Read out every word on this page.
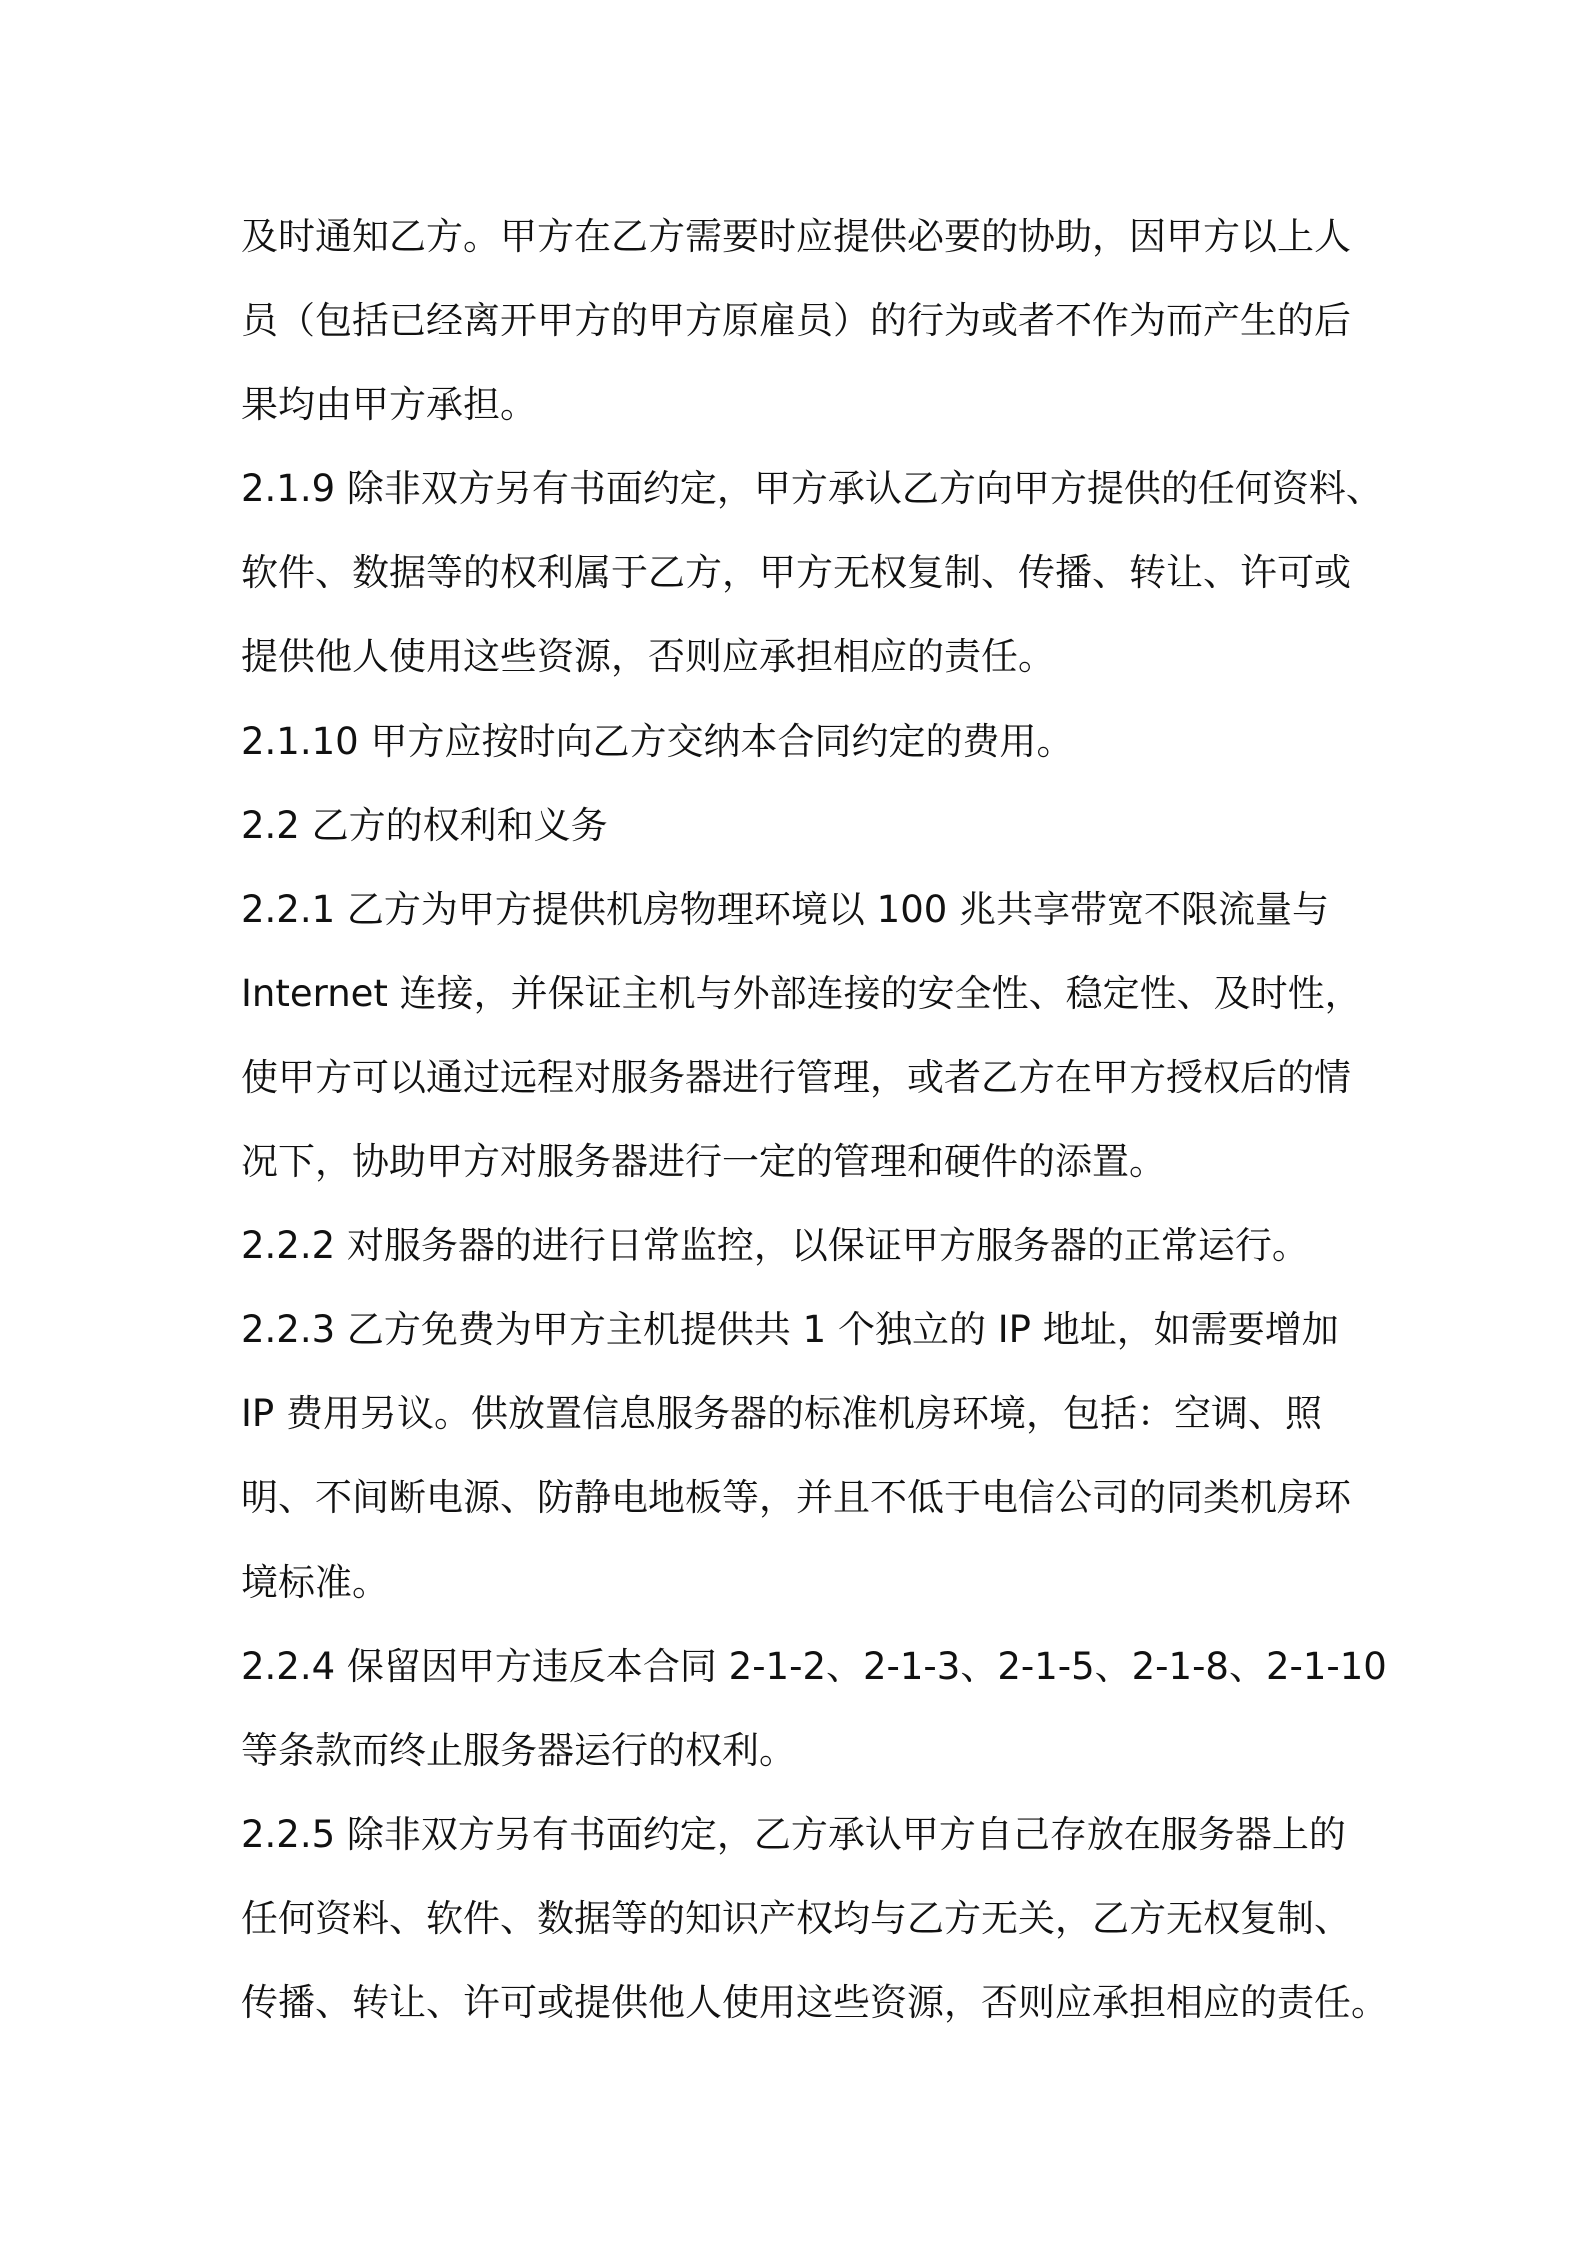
及时通知乙方。甲方在乙方需要时应提供必要的协助，因甲方以上人
员（包括已经离开甲方的甲方原雇员）的行为或者不作为而产生的后
果均由甲方承担。
2.1.9 除非双方另有书面约定，甲方承认乙方向甲方提供的任何资料、
软件、数据等的权利属于乙方，甲方无权复制、传播、转让、许可或
提供他人使用这些资源，否则应承担相应的责任。
2.1.10 甲方应按时向乙方交纳本合同约定的费用。
2.2 乙方的权利和义务
2.2.1 乙方为甲方提供机房物理环境以 100 兆共享带宽不限流量与
Internet 连接，并保证主机与外部连接的安全性、稳定性、及时性，
使甲方可以通过远程对服务器进行管理，或者乙方在甲方授权后的情
况下，协助甲方对服务器进行一定的管理和硬件的添置。
2.2.2 对服务器的进行日常监控，以保证甲方服务器的正常运行。
2.2.3 乙方免费为甲方主机提供共 1 个独立的 IP 地址，如需要增加
IP 费用另议。供放置信息服务器的标准机房环境，包括：空调、照
明、不间断电源、防静电地板等，并且不低于电信公司的同类机房环
境标准。
2.2.4 保留因甲方违反本合同 2-1-2、2-1-3、2-1-5、2-1-8、2-1-10
等条款而终止服务器运行的权利。
2.2.5 除非双方另有书面约定，乙方承认甲方自己存放在服务器上的
任何资料、软件、数据等的知识产权均与乙方无关，乙方无权复制、
传播、转让、许可或提供他人使用这些资源，否则应承担相应的责任。
